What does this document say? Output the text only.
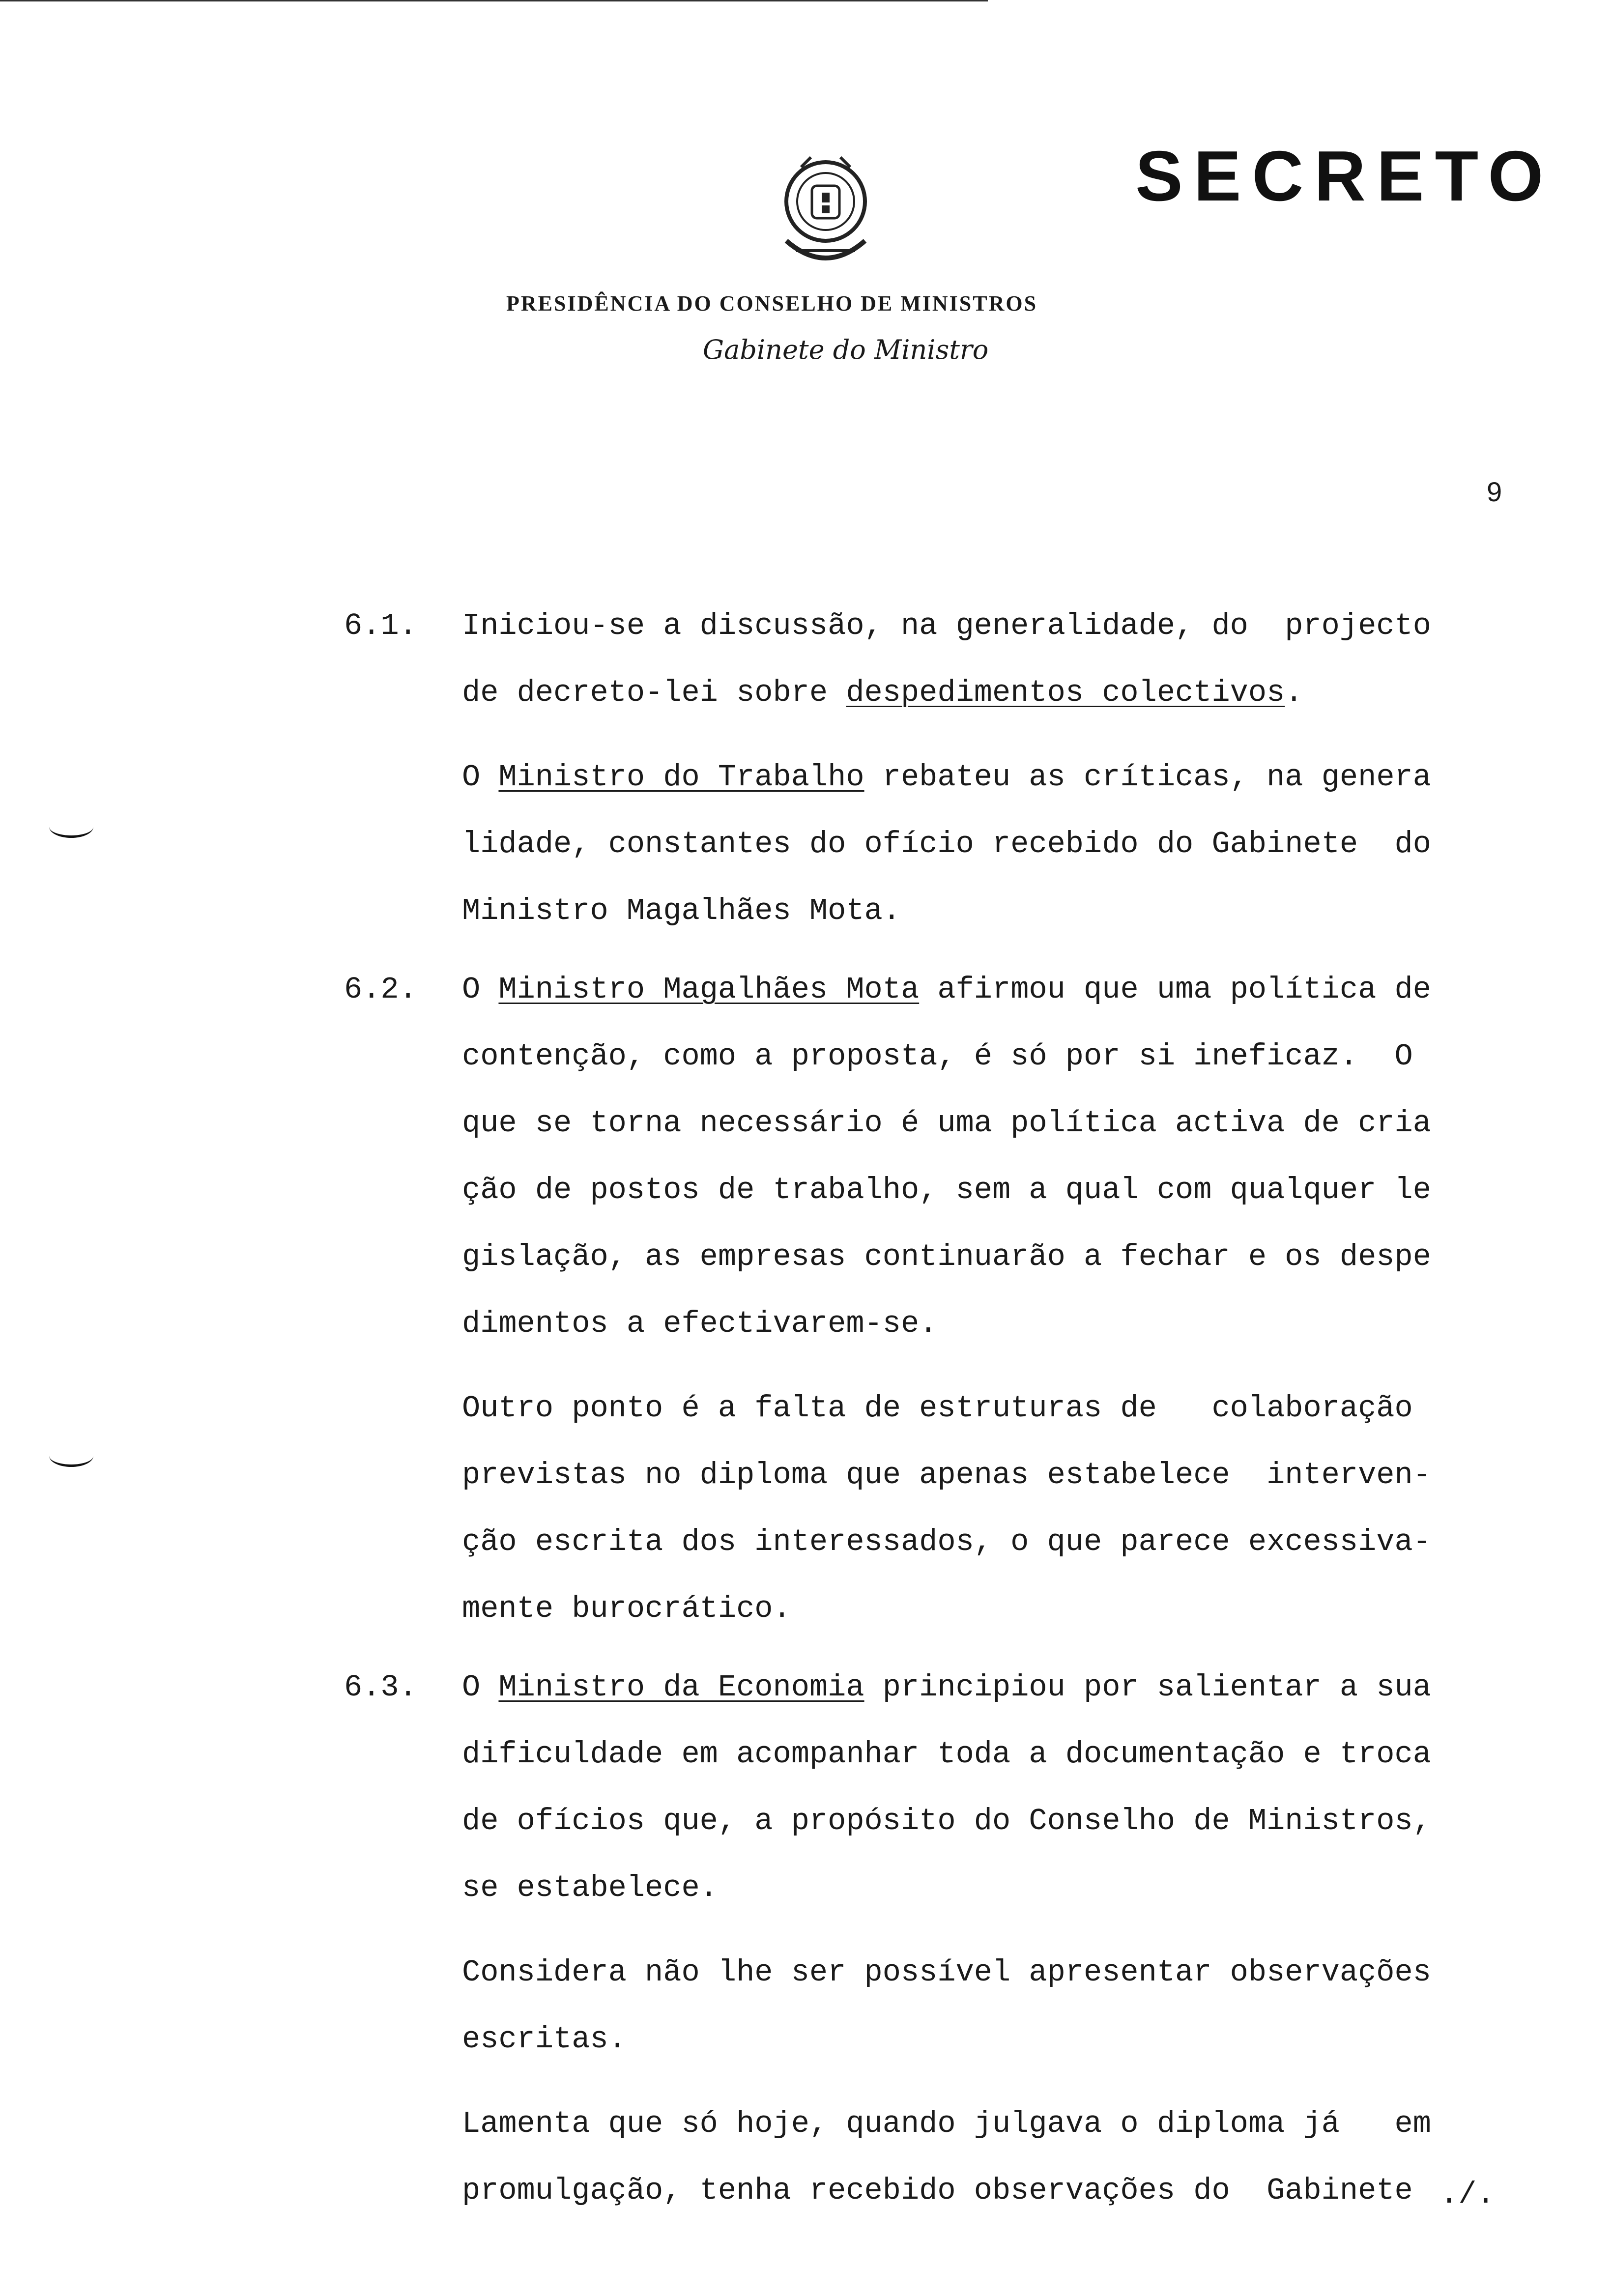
SECRETO
PRESIDÊNCIA DO CONSELHO DE MINISTROS
Gabinete do Ministro
9
6.1. Iniciou-se a discussão, na generalidade, do  projecto
de decreto-lei sobre despedimentos colectivos.
O Ministro do Trabalho rebateu as críticas, na genera
lidade, constantes do ofício recebido do Gabinete  do
Ministro Magalhães Mota.
6.2. O Ministro Magalhães Mota afirmou que uma política de
contenção, como a proposta, é só por si ineficaz.  O
que se torna necessário é uma política activa de cria
ção de postos de trabalho, sem a qual com qualquer le
gislação, as empresas continuarão a fechar e os despe
dimentos a efectivarem-se.
Outro ponto é a falta de estruturas de   colaboração
previstas no diploma que apenas estabelece  interven-
ção escrita dos interessados, o que parece excessiva-
mente burocrático.
6.3. O Ministro da Economia principiou por salientar a sua
dificuldade em acompanhar toda a documentação e troca
de ofícios que, a propósito do Conselho de Ministros,
se estabelece.
Considera não lhe ser possível apresentar observações
escritas.
Lamenta que só hoje, quando julgava o diploma já   em
promulgação, tenha recebido observações do  Gabinete ./.
